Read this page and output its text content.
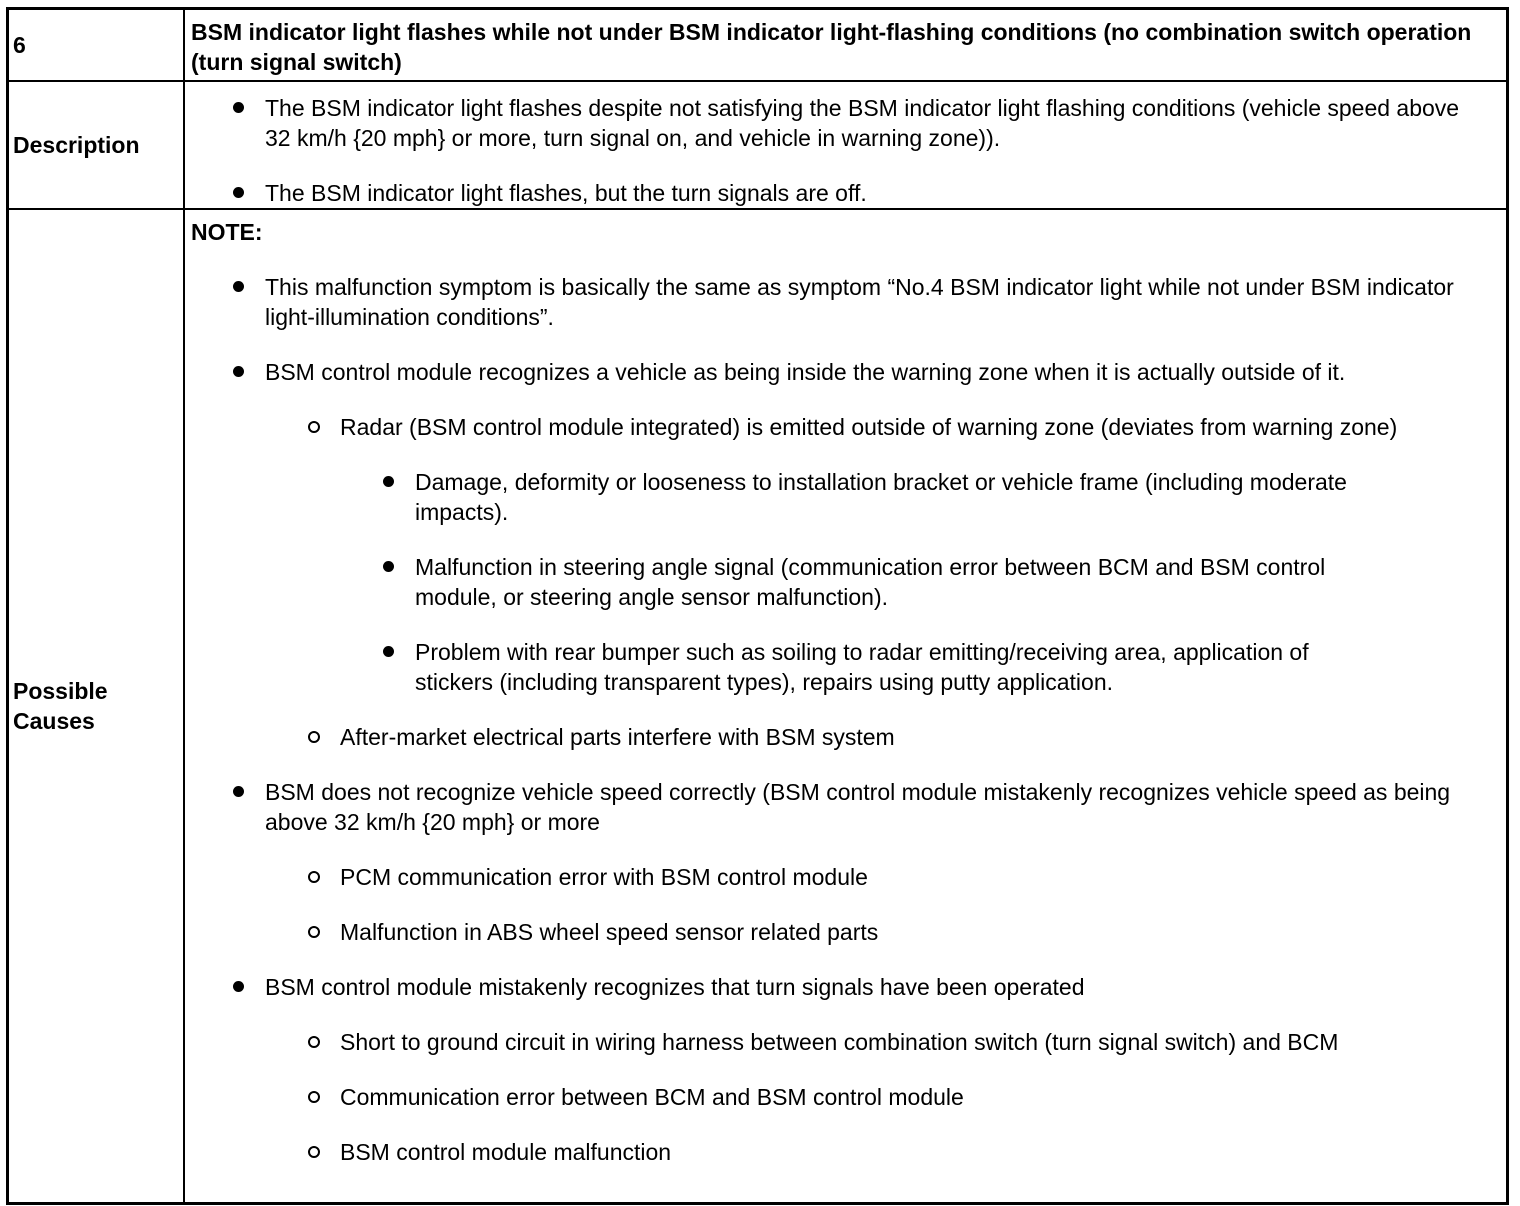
6	BSM indicator light flashes while not under BSM indicator light-flashing conditions (no combination switch operation (turn signal switch)
Description
The BSM indicator light flashes despite not satisfying the BSM indicator light flashing conditions (vehicle speed above 32 km/h {20 mph} or more, turn signal on, and vehicle in warning zone)).
The BSM indicator light flashes, but the turn signals are off.
Possible Causes
NOTE:
This malfunction symptom is basically the same as symptom “No.4 BSM indicator light while not under BSM indicator light-illumination conditions”.
BSM control module recognizes a vehicle as being inside the warning zone when it is actually outside of it.
Radar (BSM control module integrated) is emitted outside of warning zone (deviates from warning zone)
Damage, deformity or looseness to installation bracket or vehicle frame (including moderate impacts).
Malfunction in steering angle signal (communication error between BCM and BSM control module, or steering angle sensor malfunction).
Problem with rear bumper such as soiling to radar emitting/receiving area, application of stickers (including transparent types), repairs using putty application.
After-market electrical parts interfere with BSM system
BSM does not recognize vehicle speed correctly (BSM control module mistakenly recognizes vehicle speed as being above 32 km/h {20 mph} or more
PCM communication error with BSM control module
Malfunction in ABS wheel speed sensor related parts
BSM control module mistakenly recognizes that turn signals have been operated
Short to ground circuit in wiring harness between combination switch (turn signal switch) and BCM
Communication error between BCM and BSM control module
BSM control module malfunction
